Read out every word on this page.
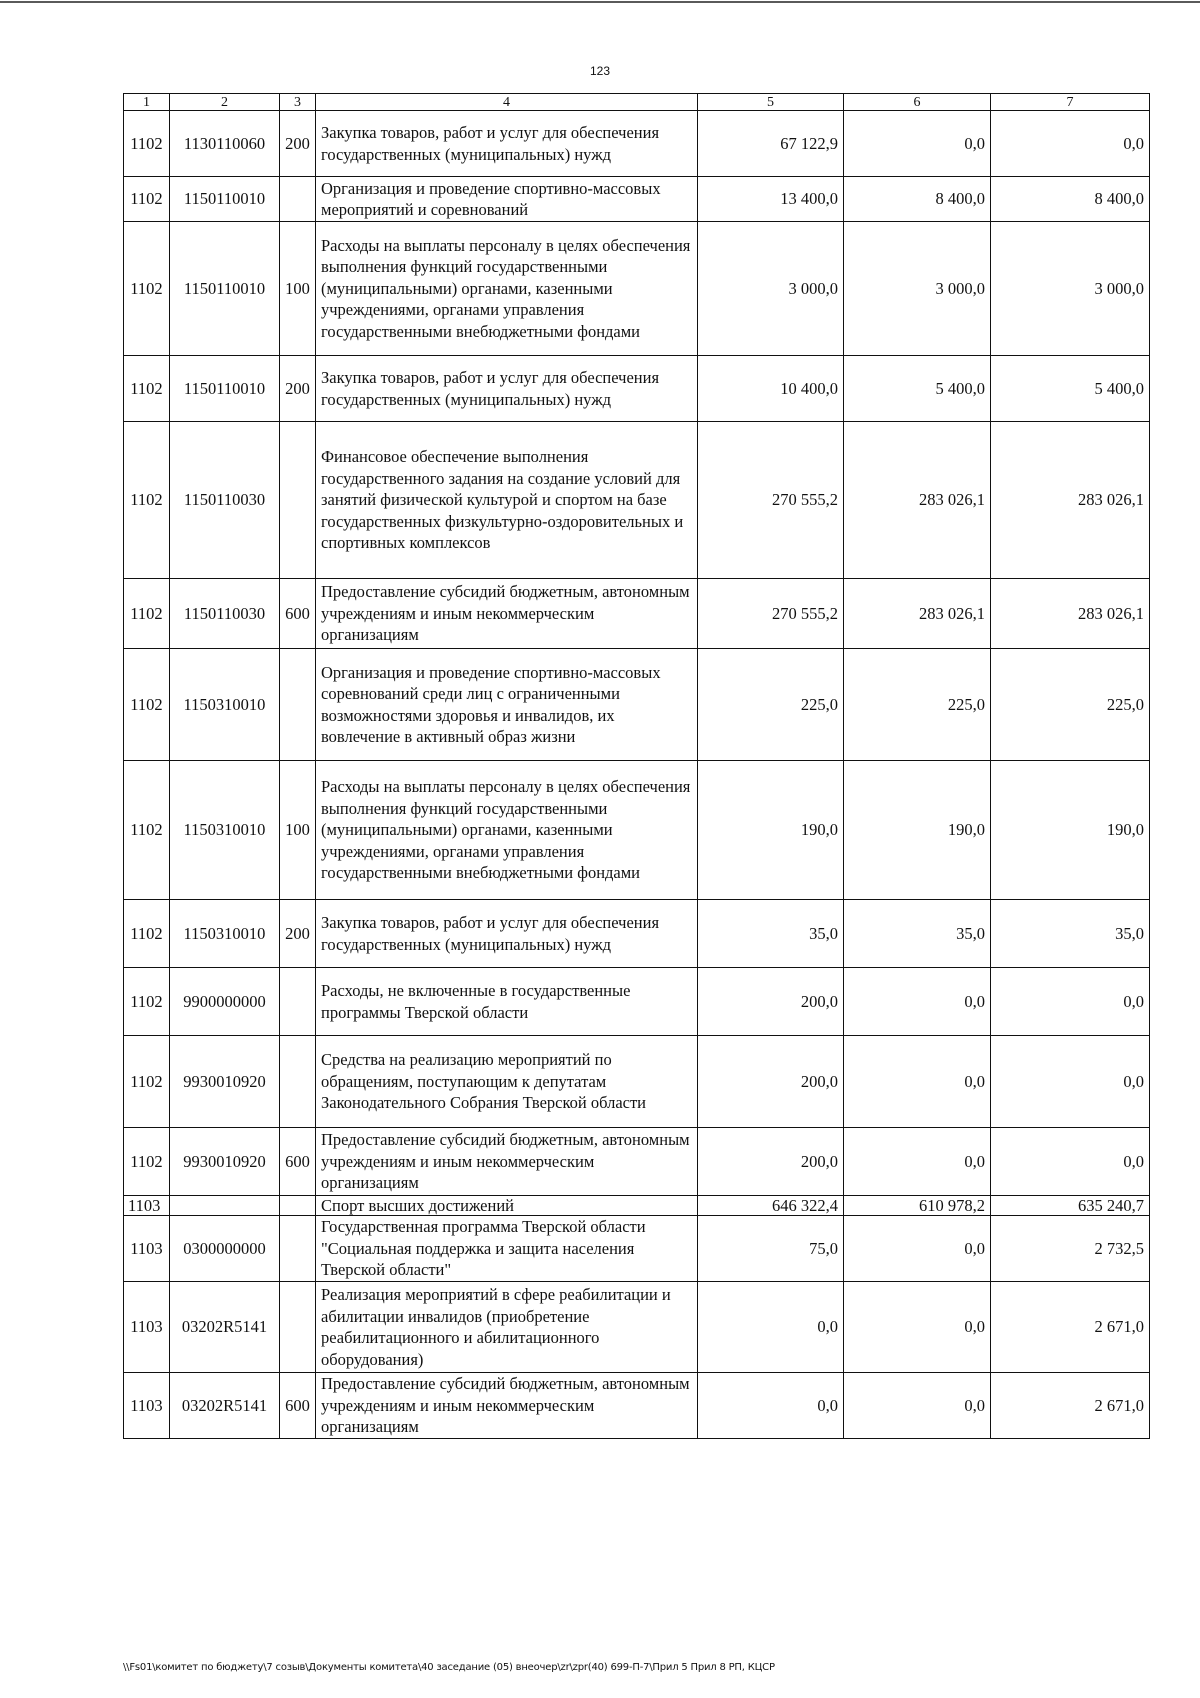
123
1	2	3	4	5	6	7
1102	1130110060	200	Закупка товаров, работ и услуг для обеспечения государственных (муниципальных) нужд	67 122,9	0,0	0,0
1102	1150110010		Организация и проведение спортивно-массовых мероприятий и соревнований	13 400,0	8 400,0	8 400,0
1102	1150110010	100	Расходы на выплаты персоналу в целях обеспечения выполнения функций государственными (муниципальными) органами, казенными учреждениями, органами управления государственными внебюджетными фондами	3 000,0	3 000,0	3 000,0
1102	1150110010	200	Закупка товаров, работ и услуг для обеспечения государственных (муниципальных) нужд	10 400,0	5 400,0	5 400,0
1102	1150110030		Финансовое обеспечение выполнения государственного задания на создание условий для занятий физической культурой и спортом на базе государственных физкультурно-оздоровительных и спортивных комплексов	270 555,2	283 026,1	283 026,1
1102	1150110030	600	Предоставление субсидий бюджетным, автономным учреждениям и иным некоммерческим организациям	270 555,2	283 026,1	283 026,1
1102	1150310010		Организация и проведение спортивно-массовых соревнований среди лиц с ограниченными возможностями здоровья и инвалидов, их вовлечение в активный образ жизни	225,0	225,0	225,0
1102	1150310010	100	Расходы на выплаты персоналу в целях обеспечения выполнения функций государственными (муниципальными) органами, казенными учреждениями, органами управления государственными внебюджетными фондами	190,0	190,0	190,0
1102	1150310010	200	Закупка товаров, работ и услуг для обеспечения государственных (муниципальных) нужд	35,0	35,0	35,0
1102	9900000000		Расходы, не включенные в государственные программы Тверской области	200,0	0,0	0,0
1102	9930010920		Средства на реализацию мероприятий по обращениям, поступающим к депутатам Законодательного Собрания Тверской области	200,0	0,0	0,0
1102	9930010920	600	Предоставление субсидий бюджетным, автономным учреждениям и иным некоммерческим организациям	200,0	0,0	0,0
1103			Спорт высших достижений	646 322,4	610 978,2	635 240,7
1103	0300000000		Государственная программа Тверской области "Социальная поддержка и защита населения Тверской области"	75,0	0,0	2 732,5
1103	03202R5141		Реализация мероприятий в сфере реабилитации и абилитации инвалидов (приобретение реабилитационного и абилитационного оборудования)	0,0	0,0	2 671,0
1103	03202R5141	600	Предоставление субсидий бюджетным, автономным учреждениям и иным некоммерческим организациям	0,0	0,0	2 671,0
\\Fs01\комитет по бюджету\7 созыв\Документы комитета\40 заседание (05) внеочер\zr\zpr(40) 699-П-7\Прил 5 Прил 8 РП, КЦСР
